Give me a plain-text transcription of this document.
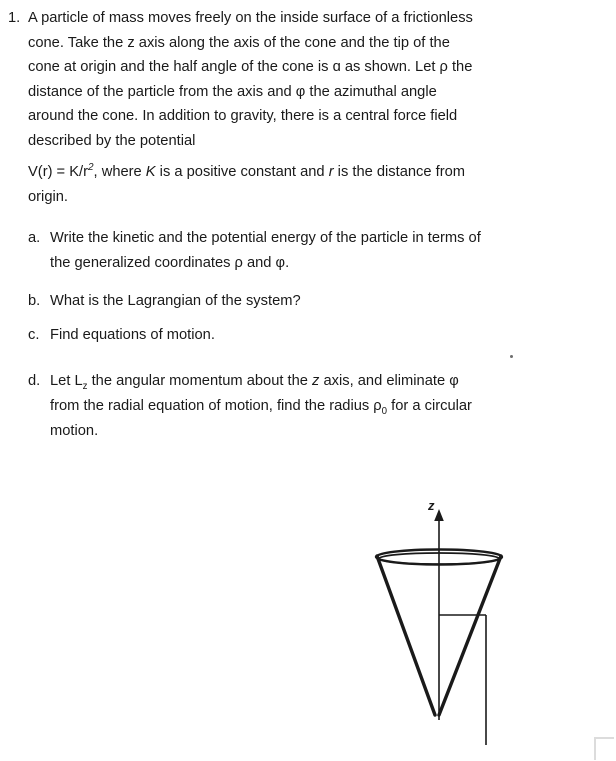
1. A particle of mass moves freely on the inside surface of a frictionless
cone. Take the z axis along the axis of the cone and the tip of the
cone at origin and the half angle of the cone is ɑ as shown. Let ρ the
distance of the particle from the axis and φ the azimuthal angle
around the cone. In addition to gravity, there is a central force field
described by the potential
$V(r) = K/r^2$, where K is a positive constant and r is the distance from
origin.
a. Write the kinetic and the potential energy of the particle in terms of
the generalized coordinates ρ and φ.
b. What is the Lagrangian of the system?
c. Find equations of motion.
d. Let $L_z$ the angular momentum about the z axis, and eliminate φ
from the radial equation of motion, find the radius $\rho_0$ for a circular
motion.
z
